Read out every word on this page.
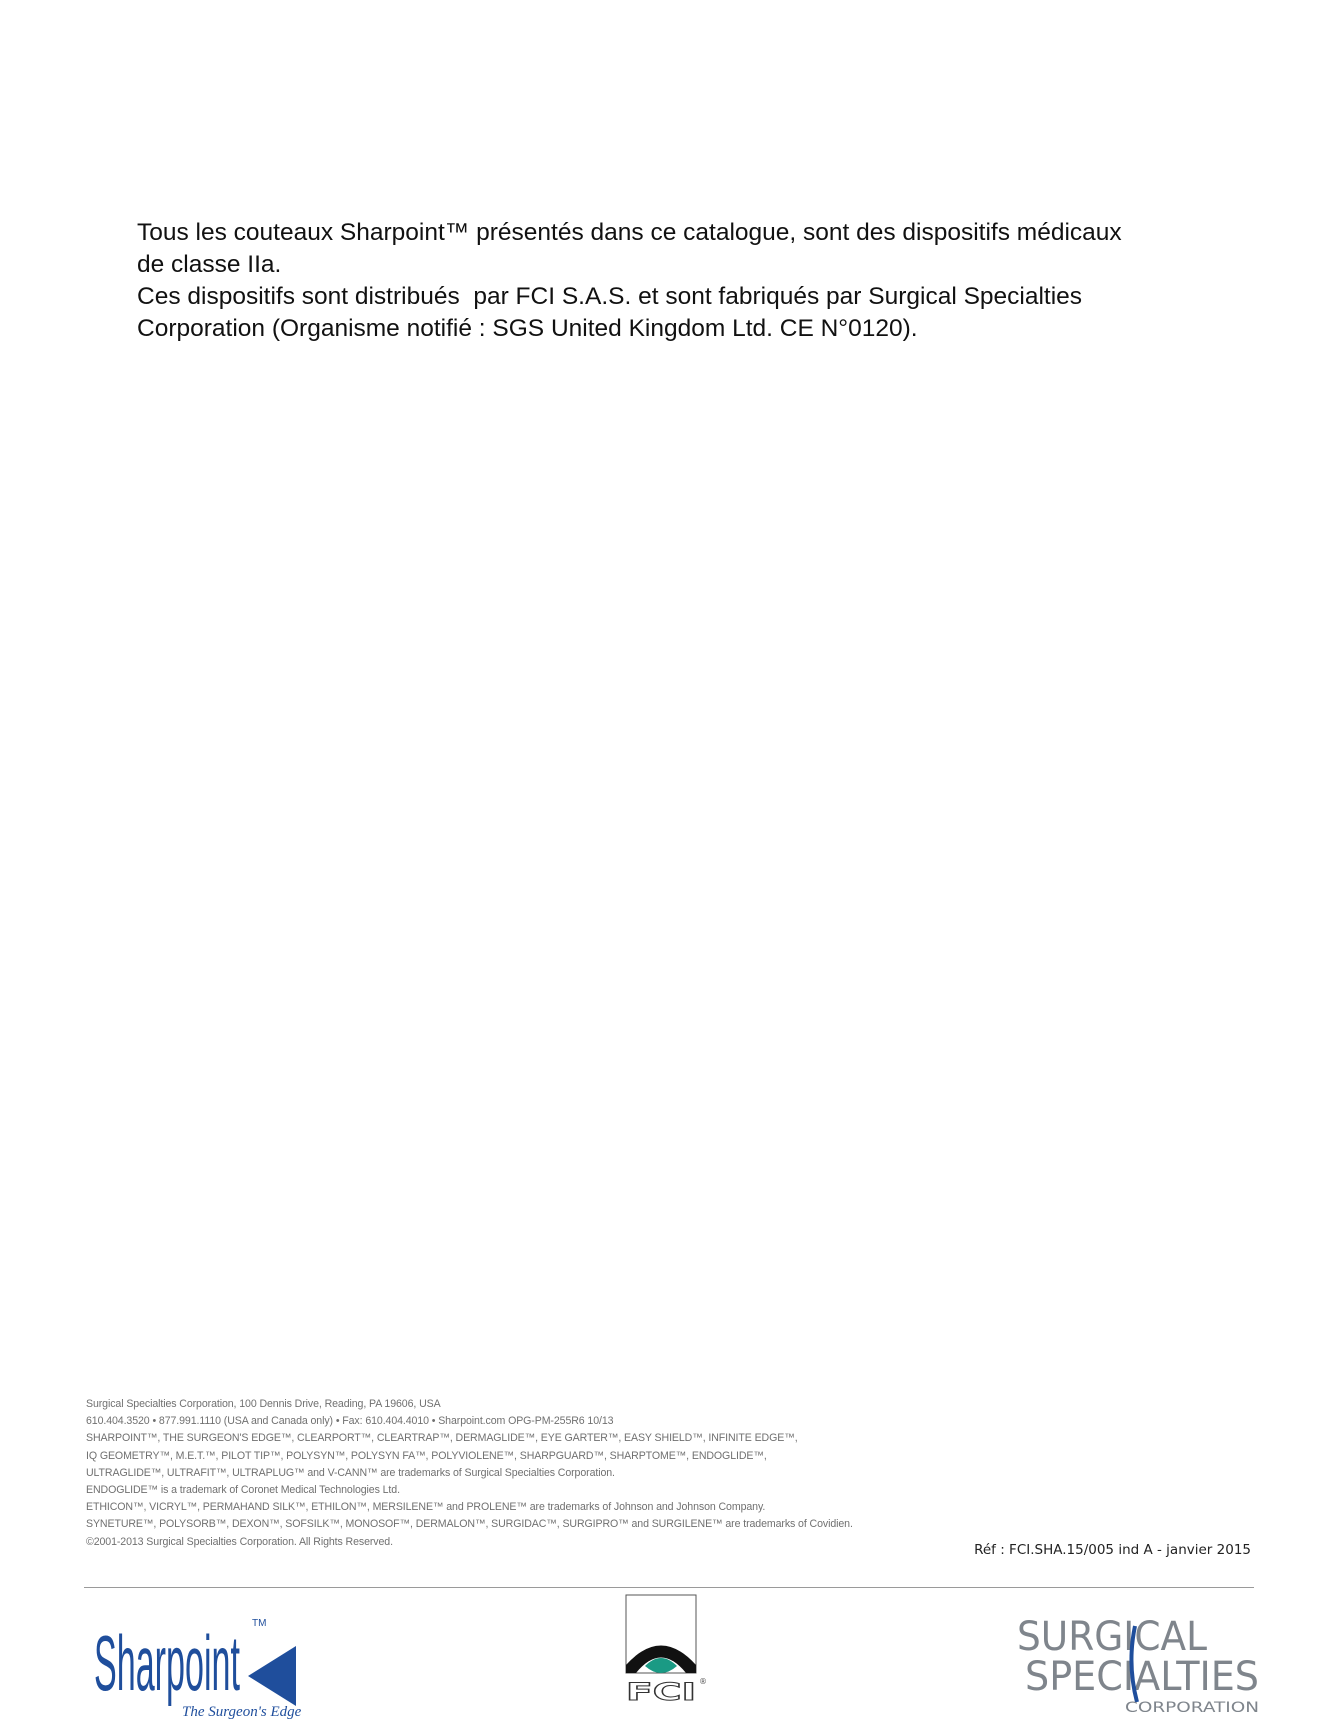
Tous les couteaux Sharpoint™ présentés dans ce catalogue, sont des dispositifs médicaux

de classe IIa.

Ces dispositifs sont distribués  par FCI S.A.S. et sont fabriqués par Surgical Specialties

Corporation (Organisme notifié : SGS United Kingdom Ltd. CE N°0120).

Surgical Specialties Corporation, 100 Dennis Drive, Reading, PA 19606, USA
610.404.3520 • 877.991.1110 (USA and Canada only) • Fax: 610.404.4010 • Sharpoint.com OPG-PM-255R6 10/13
SHARPOINT™, THE SURGEON'S EDGE™, CLEARPORT™, CLEARTRAP™, DERMAGLIDE™, EYE GARTER™, EASY SHIELD™, INFINITE EDGE™,
IQ GEOMETRY™, M.E.T.™, PILOT TIP™, POLYSYN™, POLYSYN FA™, POLYVIOLENE™, SHARPGUARD™, SHARPTOME™, ENDOGLIDE™,
ULTRAGLIDE™, ULTRAFIT™, ULTRAPLUG™ and V-CANN™ are trademarks of Surgical Specialties Corporation.
ENDOGLIDE™ is a trademark of Coronet Medical Technologies Ltd.
ETHICON™, VICRYL™, PERMAHAND SILK™, ETHILON™, MERSILENE™ and PROLENE™ are trademarks of Johnson and Johnson Company.
SYNETURE™, POLYSORB™, DEXON™, SOFSILK™, MONOSOF™, DERMALON™, SURGIDAC™, SURGIPRO™ and SURGILENE™ are trademarks of Covidien.
©2001-2013 Surgical Specialties Corporation. All Rights Reserved.
Réf : FCI.SHA.15/005 ind A - janvier 2015
Sharpoint TM
The Surgeon's Edge
FCI ®
SURGICAL
SPECIALTIES
CORPORATION
